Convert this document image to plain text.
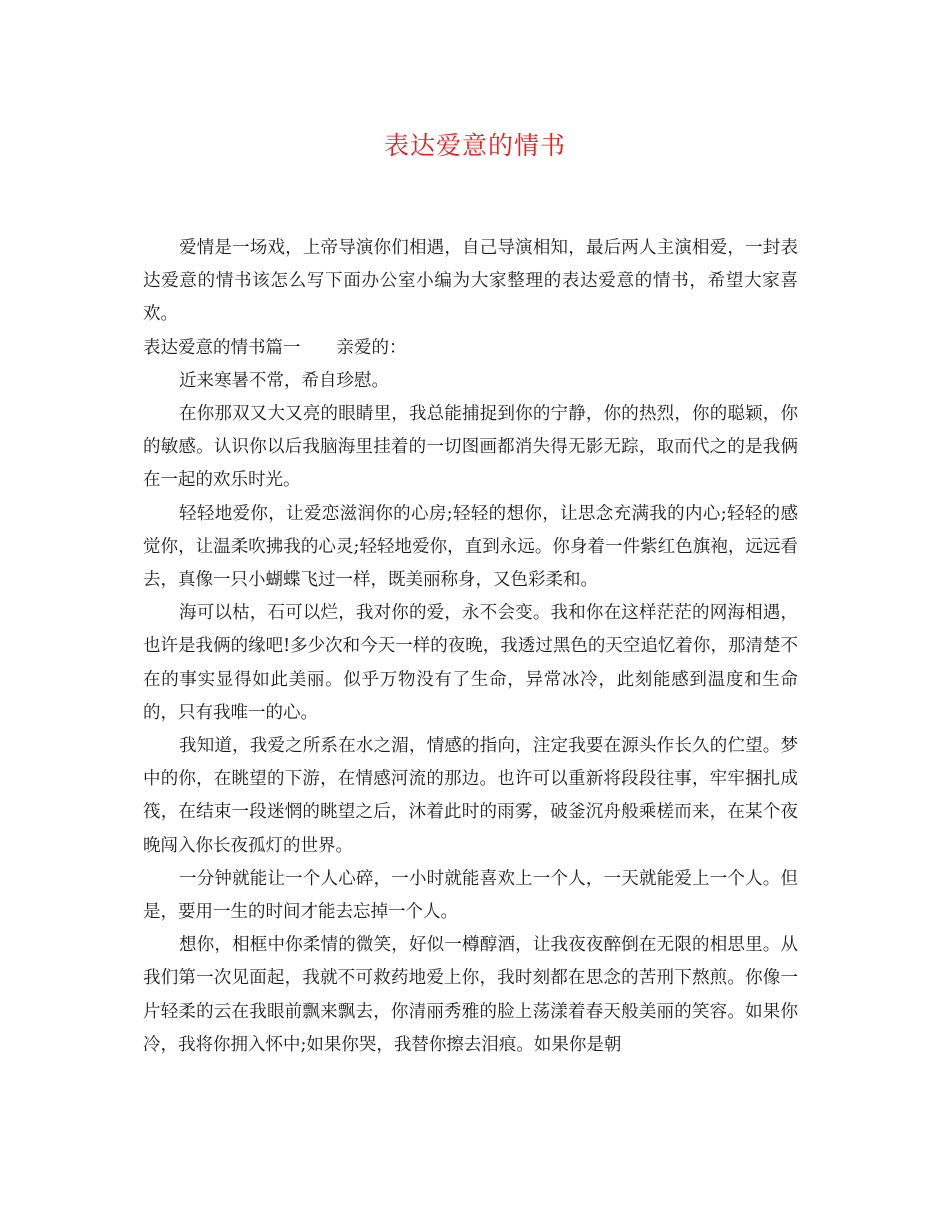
表达爱意的情书

爱情是一场戏，上帝导演你们相遇，自己导演相知，最后两人主演相爱，一封表达爱意的情书该怎么写下面办公室小编为大家整理的表达爱意的情书，希望大家喜欢。

表达爱意的情书篇一 亲爱的：

近来寒暑不常，希自珍慰。

在你那双又大又亮的眼睛里，我总能捕捉到你的宁静，你的热烈，你的聪颖，你的敏感。认识你以后我脑海里挂着的一切图画都消失得无影无踪，取而代之的是我俩在一起的欢乐时光。

轻轻地爱你，让爱恋滋润你的心房;轻轻的想你，让思念充满我的内心;轻轻的感觉你，让温柔吹拂我的心灵;轻轻地爱你，直到永远。你身着一件紫红色旗袍，远远看去，真像一只小蝴蝶飞过一样，既美丽称身，又色彩柔和。

海可以枯，石可以烂，我对你的爱，永不会变。我和你在这样茫茫的网海相遇，也许是我俩的缘吧!多少次和今天一样的夜晚，我透过黑色的天空追忆着你，那清楚不在的事实显得如此美丽。似乎万物没有了生命，异常冰冷，此刻能感到温度和生命的，只有我唯一的心。

我知道，我爱之所系在水之湄，情感的指向，注定我要在源头作长久的伫望。梦中的你，在眺望的下游，在情感河流的那边。也许可以重新将段段往事，牢牢捆扎成筏，在结束一段迷惘的眺望之后，沐着此时的雨雾，破釜沉舟般乘槎而来，在某个夜晚闯入你长夜孤灯的世界。

一分钟就能让一个人心碎，一小时就能喜欢上一个人，一天就能爱上一个人。但是，要用一生的时间才能去忘掉一个人。

想你，相框中你柔情的微笑，好似一樽醇酒，让我夜夜醉倒在无限的相思里。从我们第一次见面起，我就不可救药地爱上你，我时刻都在思念的苦刑下熬煎。你像一片轻柔的云在我眼前飘来飘去，你清丽秀雅的脸上荡漾着春天般美丽的笑容。如果你冷，我将你拥入怀中;如果你哭，我替你擦去泪痕。如果你是朝
